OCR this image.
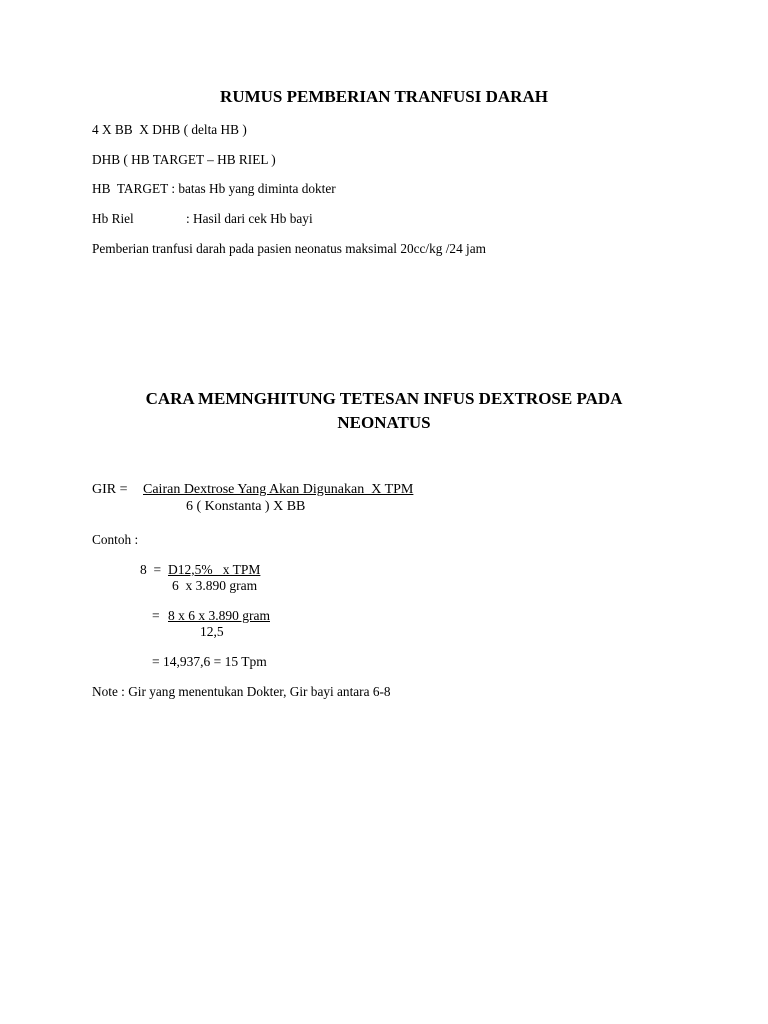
RUMUS PEMBERIAN TRANFUSI DARAH
4 X BB  X DHB ( delta HB )
DHB ( HB TARGET – HB RIEL )
HB  TARGET : batas Hb yang diminta dokter
Hb Riel	: Hasil dari cek Hb bayi
Pemberian tranfusi darah pada pasien neonatus maksimal 20cc/kg /24 jam
CARA MEMNGHITUNG TETESAN INFUS DEXTROSE PADA
NEONATUS
GIR = Cairan Dextrose Yang Akan Digunakan  X TPM
6 ( Konstanta ) X BB
Contoh :
8  = D12,5%   x TPM
6  x 3.890 gram
= 8 x 6 x 3.890 gram
12,5
= 14,937,6 = 15 Tpm
Note : Gir yang menentukan Dokter, Gir bayi antara 6-8
